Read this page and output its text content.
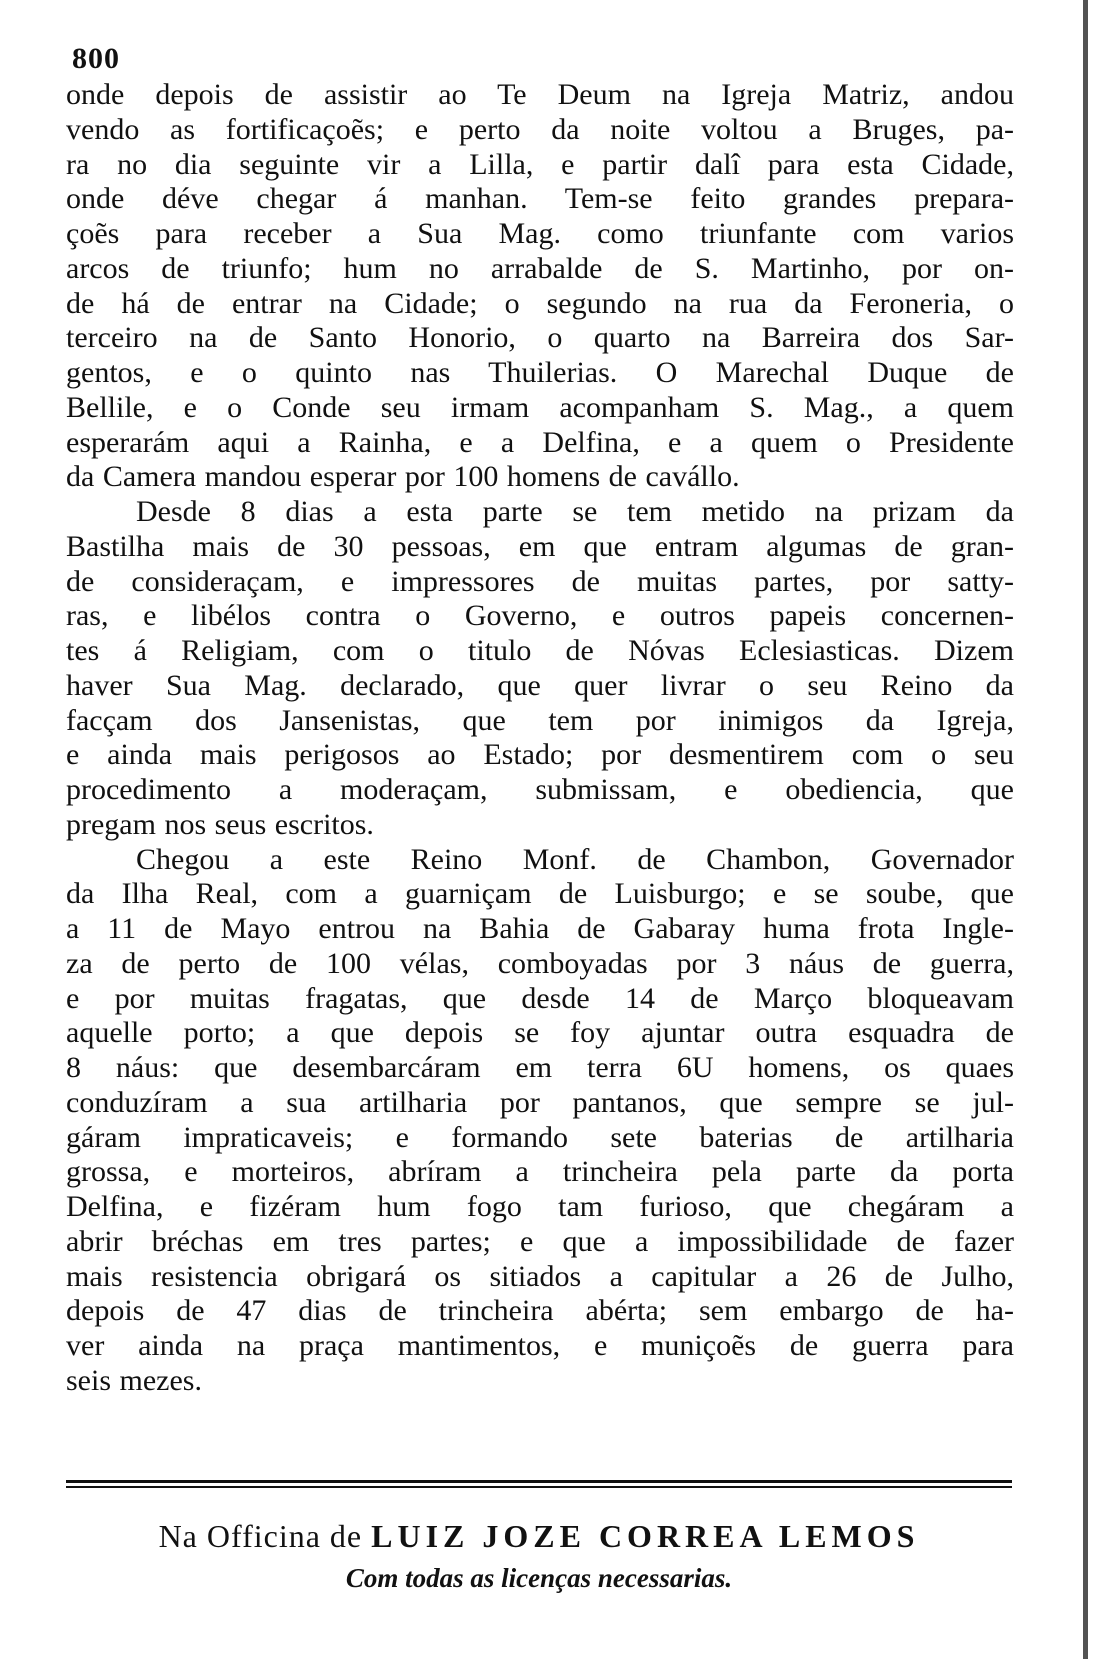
800
onde depois de assistir ao Te Deum na Igreja Matriz, andou
vendo as fortificaçoẽs; e perto da noite voltou a Bruges, pa-
ra no dia seguinte vir a Lilla, e partir dalî para esta Cidade,
onde déve chegar á manhan. Tem-se feito grandes prepara-
çoẽs para receber a Sua Mag. como triunfante com varios
arcos de triunfo; hum no arrabalde de S. Martinho, por on-
de há de entrar na Cidade; o segundo na rua da Feroneria, o
terceiro na de Santo Honorio, o quarto na Barreira dos Sar-
gentos, e o quinto nas Thuilerias. O Marechal Duque de
Bellile, e o Conde seu irmam acompanham S. Mag., a quem
esperarám aqui a Rainha, e a Delfina, e a quem o Presidente
da Camera mandou esperar por 100 homens de cavállo.
Desde 8 dias a esta parte se tem metido na prizam da
Bastilha mais de 30 pessoas, em que entram algumas de gran-
de consideraçam, e impressores de muitas partes, por satty-
ras, e libélos contra o Governo, e outros papeis concernen-
tes á Religiam, com o titulo de Nóvas Eclesiasticas. Dizem
haver Sua Mag. declarado, que quer livrar o seu Reino da
facçam dos Jansenistas, que tem por inimigos da Igreja,
e ainda mais perigosos ao Estado; por desmentirem com o seu
procedimento a moderaçam, submissam, e obediencia, que
pregam nos seus escritos.
Chegou a este Reino Monf. de Chambon, Governador
da Ilha Real, com a guarniçam de Luisburgo; e se soube, que
a 11 de Mayo entrou na Bahia de Gabaray huma frota Ingle-
za de perto de 100 vélas, comboyadas por 3 náus de guerra,
e por muitas fragatas, que desde 14 de Março bloqueavam
aquelle porto; a que depois se foy ajuntar outra esquadra de
8 náus: que desembarcáram em terra 6U homens, os quaes
conduzíram a sua artilharia por pantanos, que sempre se jul-
gáram impraticaveis; e formando sete baterias de artilharia
grossa, e morteiros, abríram a trincheira pela parte da porta
Delfina, e fizéram hum fogo tam furioso, que chegáram a
abrir bréchas em tres partes; e que a impossibilidade de fazer
mais resistencia obrigará os sitiados a capitular a 26 de Julho,
depois de 47 dias de trincheira abérta; sem embargo de ha-
ver ainda na praça mantimentos, e muniçoẽs de guerra para
seis mezes.
Na Officina de LUIZ JOZE CORREA LEMOS
Com todas as licenças necessarias.
